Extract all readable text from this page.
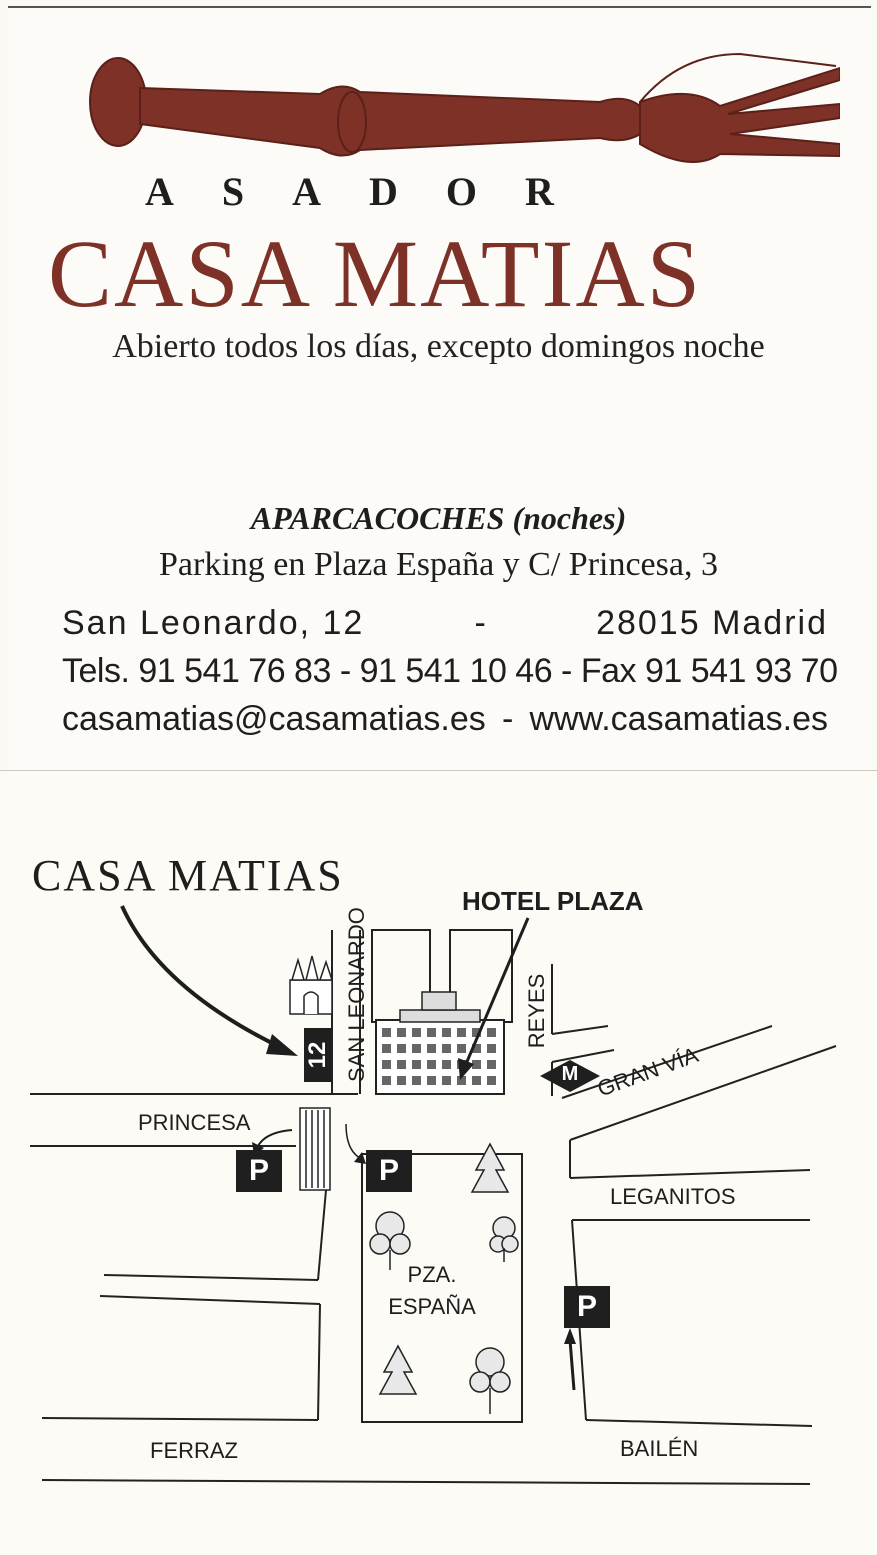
ASADOR
CASA MATIAS
Abierto todos los días, excepto domingos noche
APARCACOCHES (noches)
Parking en Plaza España y C/ Princesa, 3
San Leonardo, 12	-	28015 Madrid
Tels. 91 541 76 83 - 91 541 10 46 - Fax 91 541 93 70
casamatias@casamatias.es - www.casamatias.es
CASA MATIAS
HOTEL PLAZA
12
P	P
P
M
SAN LEONARDO	REYES
GRAN VÍA
PRINCESA
LEGANITOS
PZA.
ESPAÑA
FERRAZ	BAILÉN
